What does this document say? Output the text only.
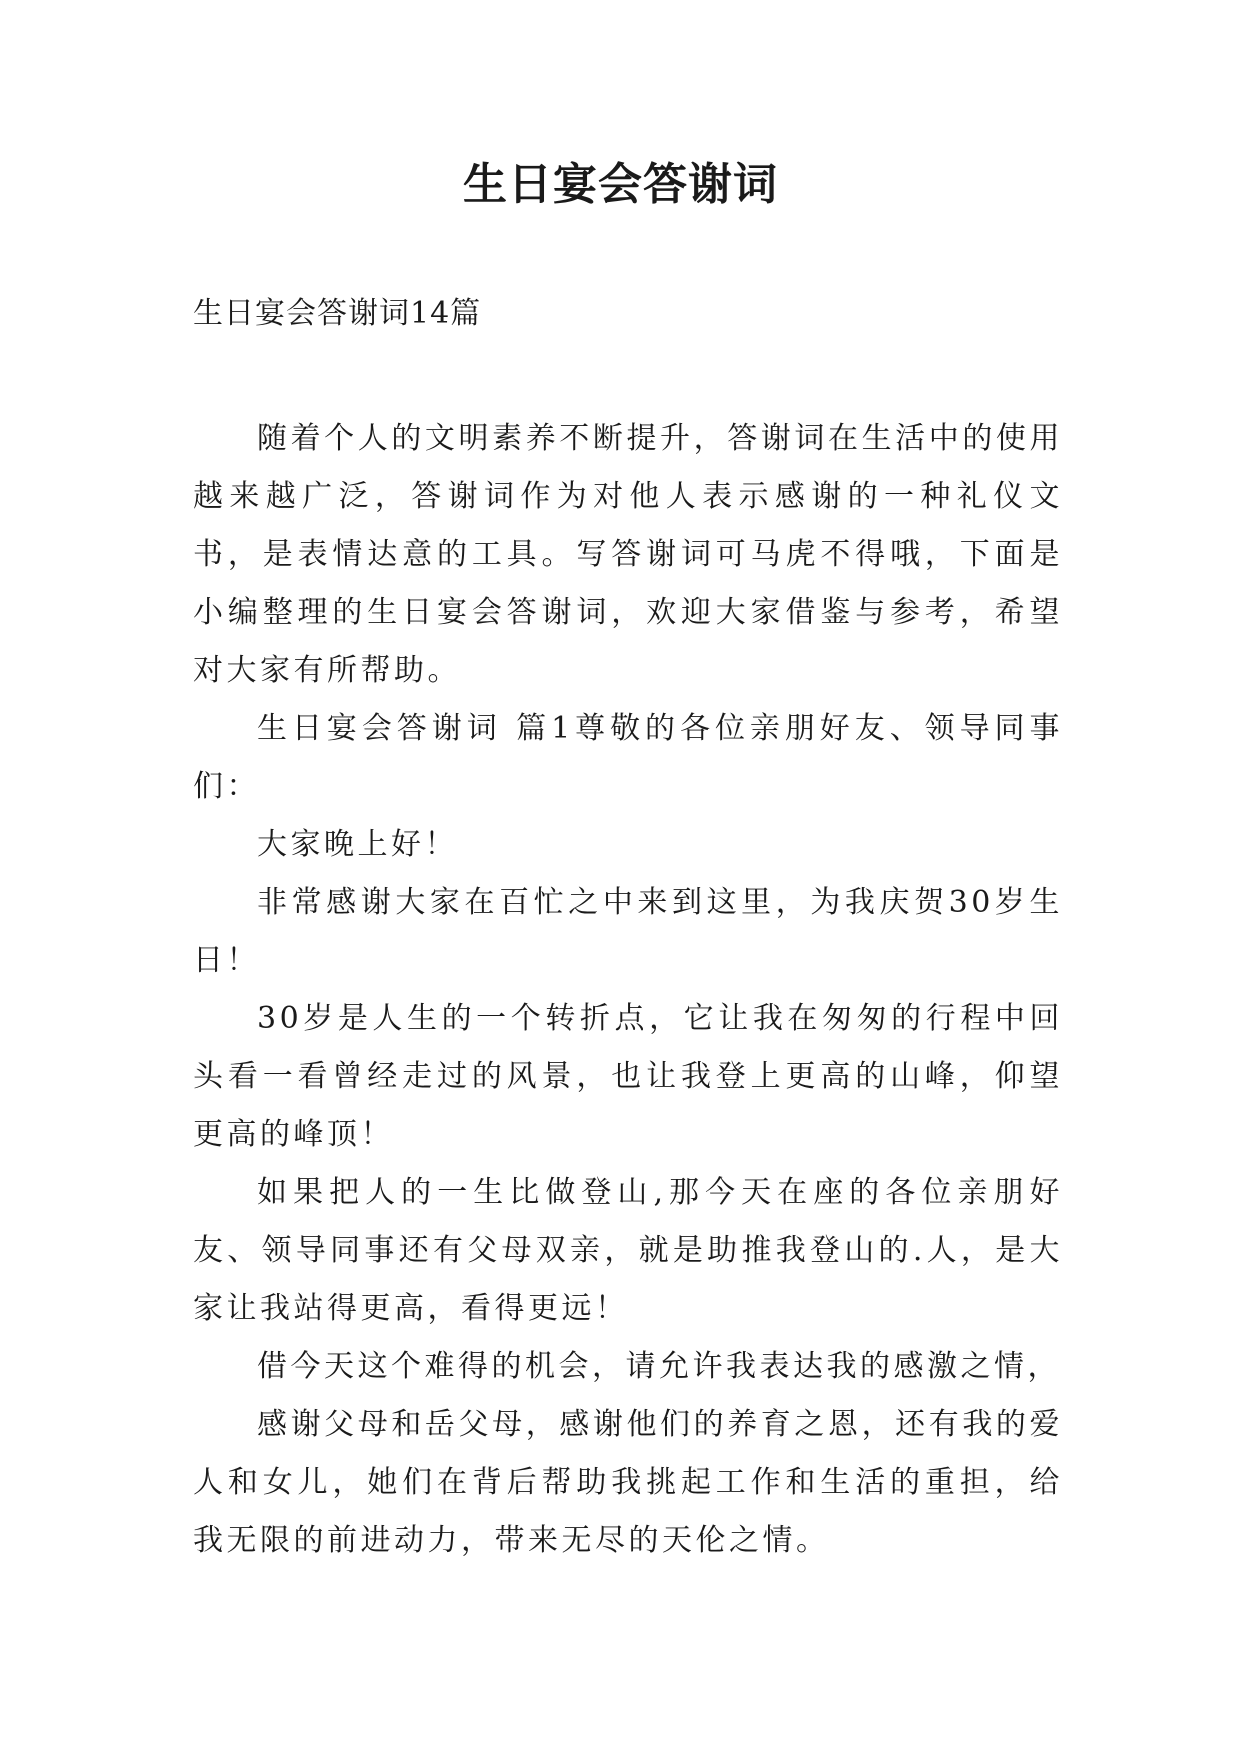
生日宴会答谢词
生日宴会答谢词14篇

随着个人的文明素养不断提升，答谢词在生活中的使用越来越广泛，答谢词作为对他人表示感谢的一种礼仪文书，是表情达意的工具。写答谢词可马虎不得哦，下面是小编整理的生日宴会答谢词，欢迎大家借鉴与参考，希望对大家有所帮助。

生日宴会答谢词 篇1尊敬的各位亲朋好友、领导同事们：

大家晚上好！

非常感谢大家在百忙之中来到这里，为我庆贺30岁生日！

30岁是人生的一个转折点，它让我在匆匆的行程中回头看一看曾经走过的风景，也让我登上更高的山峰，仰望更高的峰顶！

如果把人的一生比做登山,那今天在座的各位亲朋好友、领导同事还有父母双亲，就是助推我登山的.人，是大家让我站得更高，看得更远！

借今天这个难得的机会，请允许我表达我的感激之情，

感谢父母和岳父母，感谢他们的养育之恩，还有我的爱人和女儿，她们在背后帮助我挑起工作和生活的重担，给我无限的前进动力，带来无尽的天伦之情。
